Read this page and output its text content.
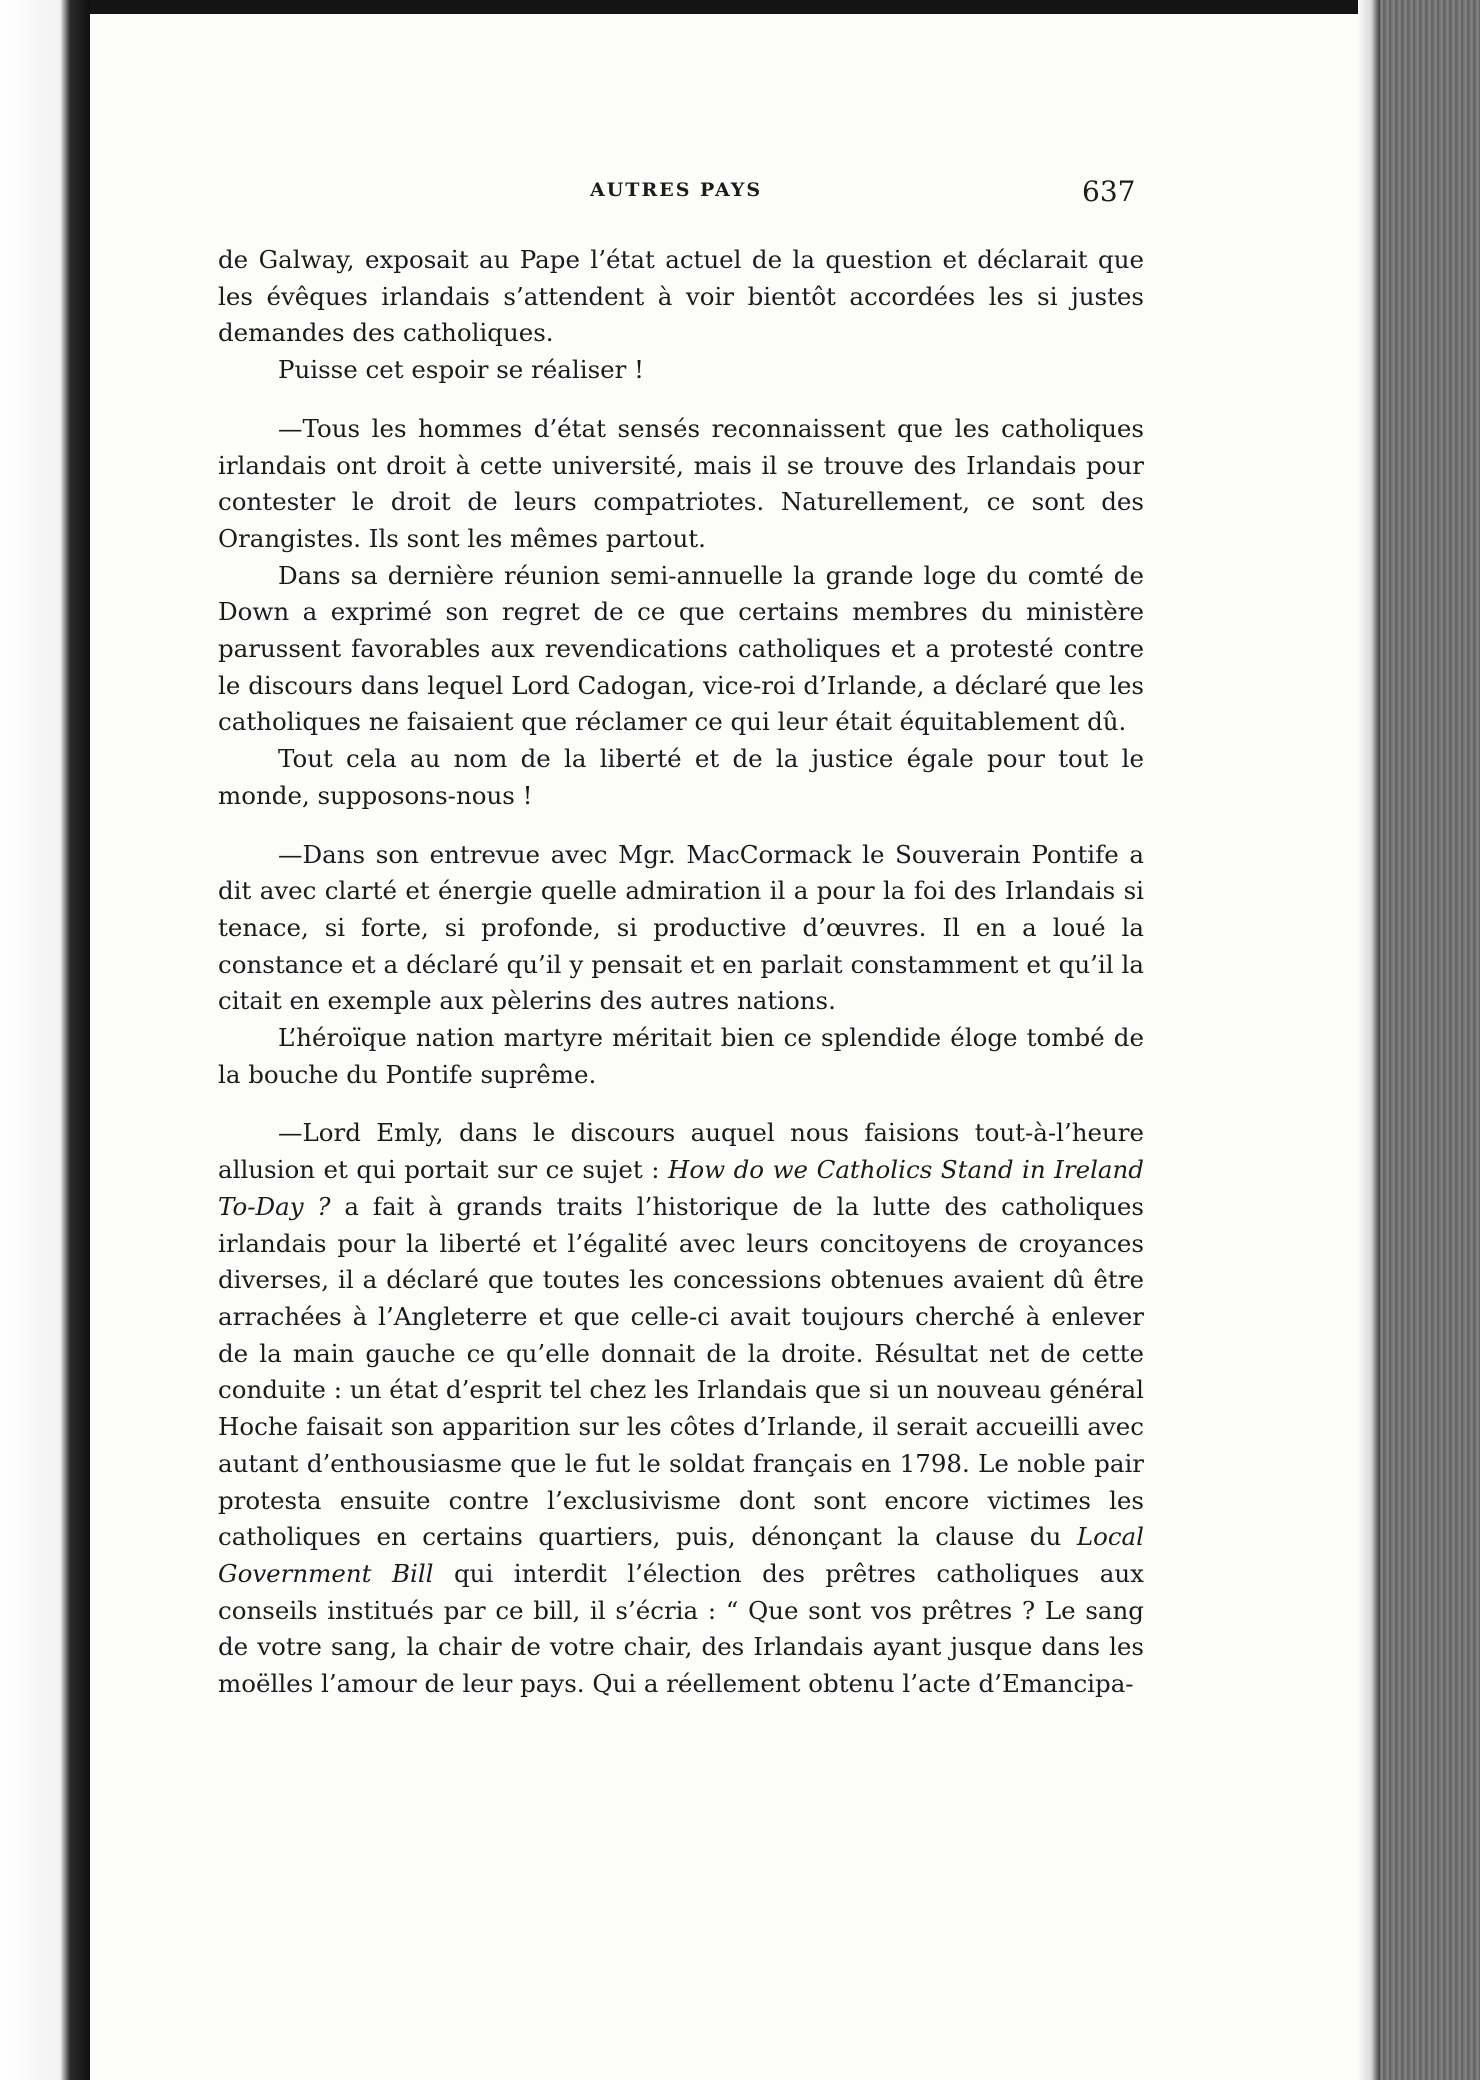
AUTRES PAYS	637

de Galway, exposait au Pape l’état actuel de la question et déclarait que les évêques irlandais s’attendent à voir bientôt accordées les si justes demandes des catholiques.

Puisse cet espoir se réaliser !

—Tous les hommes d’état sensés reconnaissent que les catholiques irlandais ont droit à cette université, mais il se trouve des Irlandais pour contester le droit de leurs compatriotes. Naturellement, ce sont des Orangistes. Ils sont les mêmes partout.

Dans sa dernière réunion semi-annuelle la grande loge du comté de Down a exprimé son regret de ce que certains membres du ministère parussent favorables aux revendications catholiques et a protesté contre le discours dans lequel Lord Cadogan, vice-roi d’Irlande, a déclaré que les catholiques ne faisaient que réclamer ce qui leur était équitablement dû.

Tout cela au nom de la liberté et de la justice égale pour tout le monde, supposons-nous !

—Dans son entrevue avec Mgr. MacCormack le Souverain Pontife a dit avec clarté et énergie quelle admiration il a pour la foi des Irlandais si tenace, si forte, si profonde, si productive d’œuvres. Il en a loué la constance et a déclaré qu’il y pensait et en parlait constamment et qu’il la citait en exemple aux pèlerins des autres nations.

L’héroïque nation martyre méritait bien ce splendide éloge tombé de la bouche du Pontife suprême.

—Lord Emly, dans le discours auquel nous faisions tout-à-l’heure allusion et qui portait sur ce sujet : How do we Catholics Stand in Ireland To-Day ? a fait à grands traits l’historique de la lutte des catholiques irlandais pour la liberté et l’égalité avec leurs concitoyens de croyances diverses, il a déclaré que toutes les concessions obtenues avaient dû être arrachées à l’Angleterre et que celle-ci avait toujours cherché à enlever de la main gauche ce qu’elle donnait de la droite. Résultat net de cette conduite : un état d’esprit tel chez les Irlandais que si un nouveau général Hoche faisait son apparition sur les côtes d’Irlande, il serait accueilli avec autant d’enthousiasme que le fut le soldat français en 1798. Le noble pair protesta ensuite contre l’exclusivisme dont sont encore victimes les catholiques en certains quartiers, puis, dénonçant la clause du Local Government Bill qui interdit l’élection des prêtres catholiques aux conseils institués par ce bill, il s’écria : “ Que sont vos prêtres ? Le sang de votre sang, la chair de votre chair, des Irlandais ayant jusque dans les moëlles l’amour de leur pays. Qui a réellement obtenu l’acte d’Emancipa-
